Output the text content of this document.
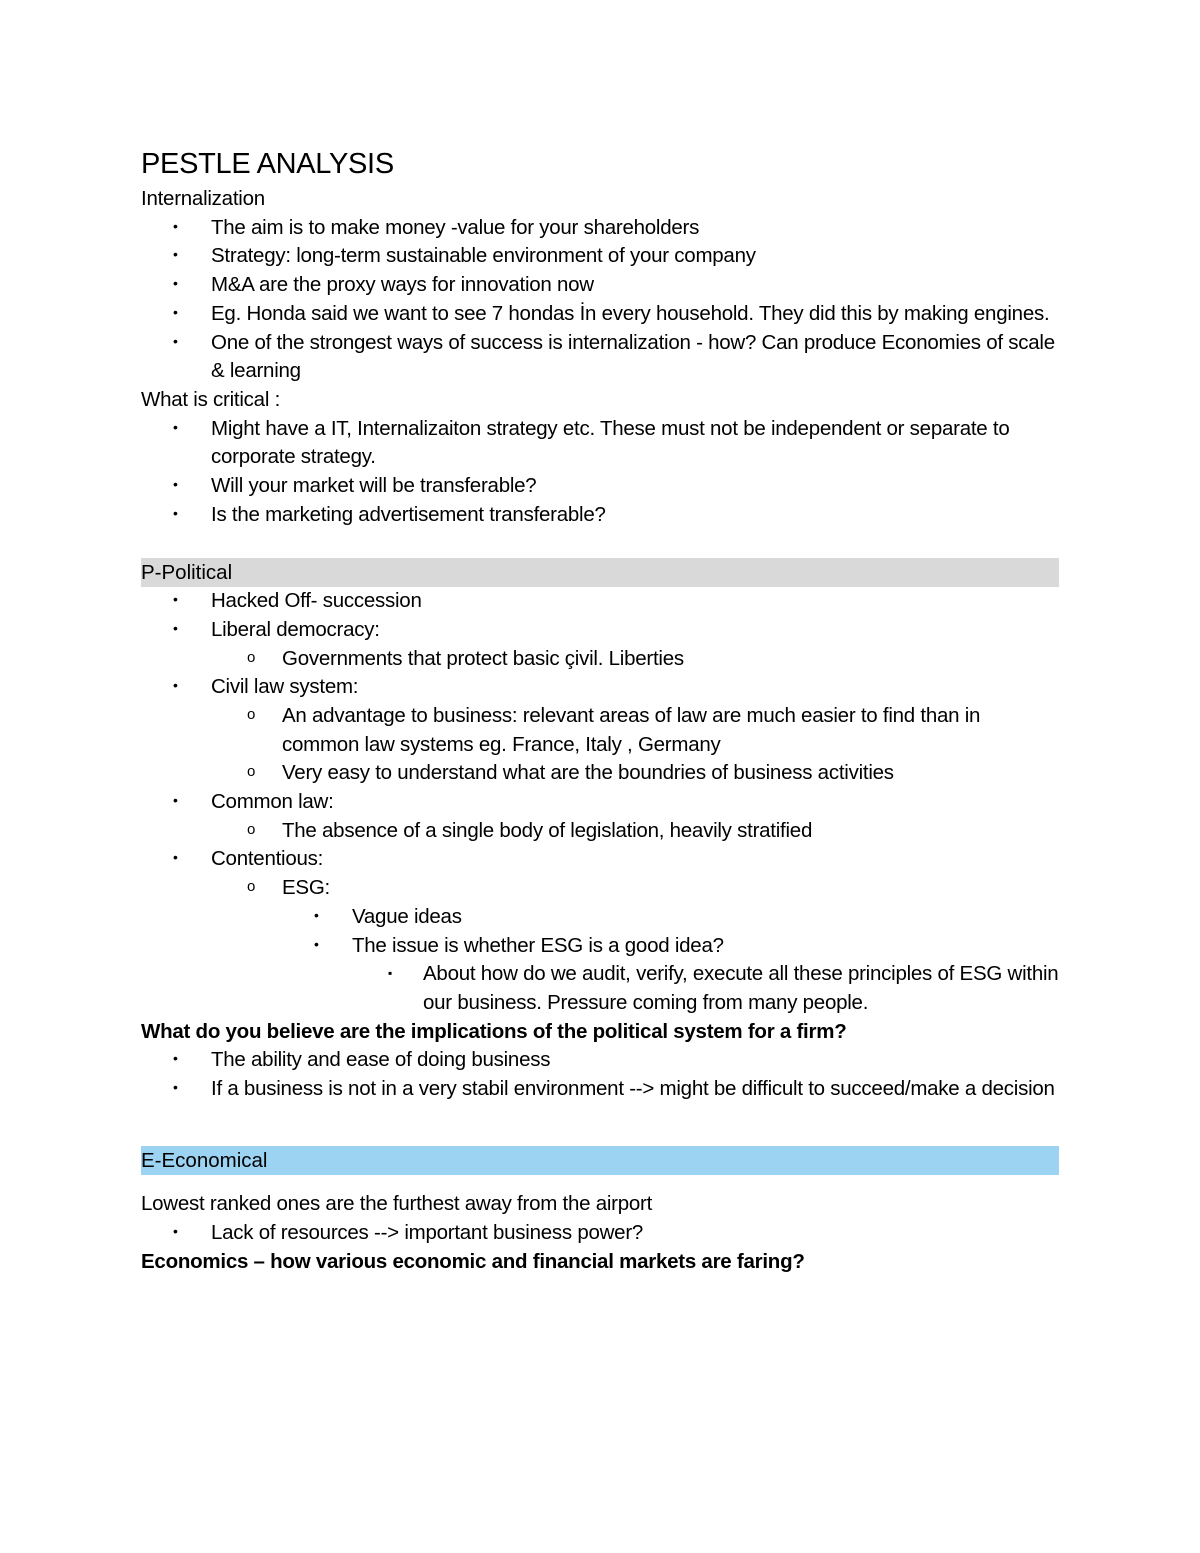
PESTLE ANALYSIS

Internalization

• The aim is to make money -value for your shareholders
• Strategy: long-term sustainable environment of your company
• M&A are the proxy ways for innovation now
• Eg. Honda said we want to see 7 hondas İn every household. They did this by making engines.
• One of the strongest ways of success is internalization - how? Can produce Economies of scale & learning

What is critical :

• Might have a IT, Internalizaiton strategy etc. These must not be independent or separate to corporate strategy.
• Will your market will be transferable?
• Is the marketing advertisement transferable?
P-Political
• Hacked Off- succession
• Liberal democracy:
o Governments that protect basic çivil. Liberties
• Civil law system:
o An advantage to business: relevant areas of law are much easier to find than in common law systems eg. France, Italy , Germany
o Very easy to understand what are the boundries of business activities
• Common law:
o The absence of a single body of legislation, heavily stratified
• Contentious:
o ESG:
• Vague ideas
• The issue is whether ESG is a good idea?
▪ About how do we audit, verify, execute all these principles of ESG within our business. Pressure coming from many people.

What do you believe are the implications of the political system for a firm?

• The ability and ease of doing business
• If a business is not in a very stabil environment --> might be difficult to succeed/make a decision
E-Economical

Lowest ranked ones are the furthest away from the airport

• Lack of resources --> important business power?

Economics – how various economic and financial markets are faring?
